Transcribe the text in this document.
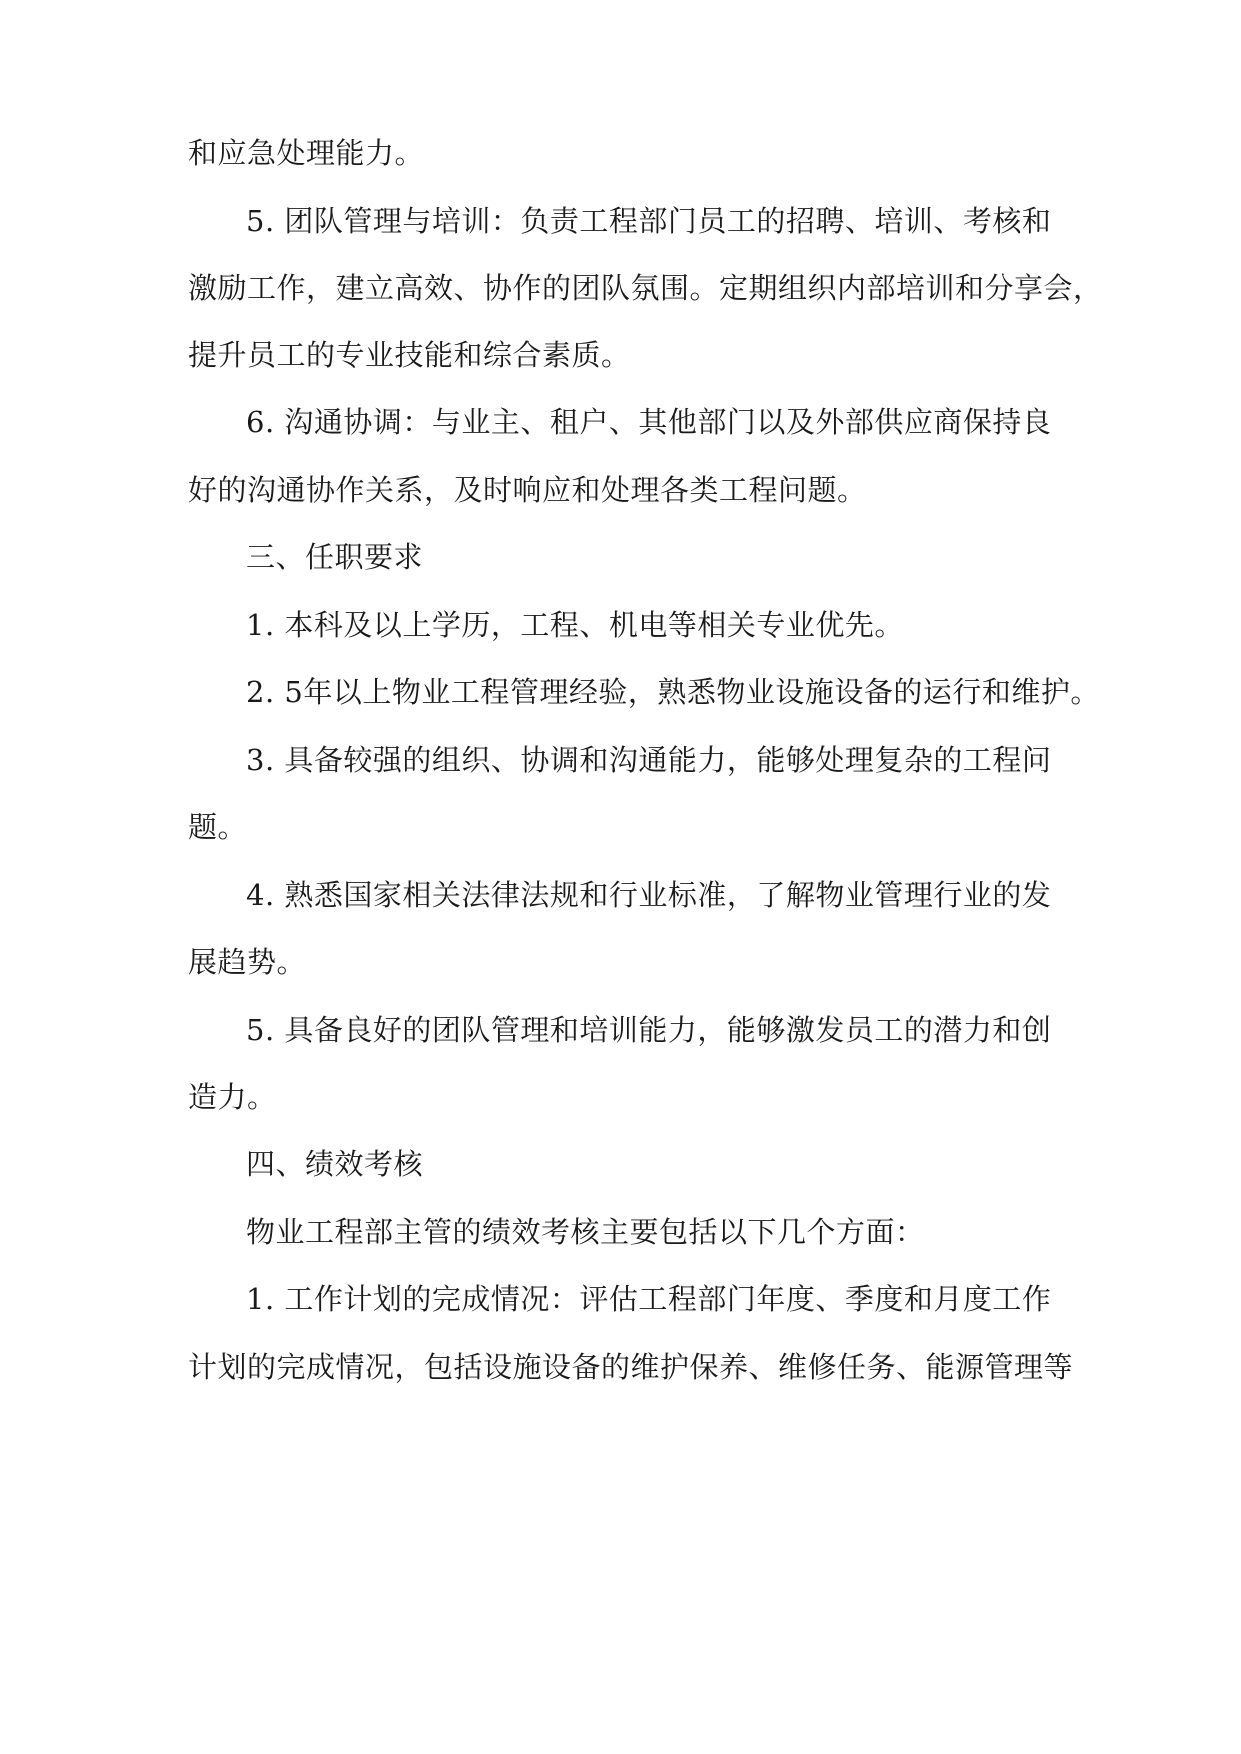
和应急处理能力。
5. 团队管理与培训：负责工程部门员工的招聘、培训、考核和
激励工作，建立高效、协作的团队氛围。定期组织内部培训和分享会，
提升员工的专业技能和综合素质。
6. 沟通协调：与业主、租户、其他部门以及外部供应商保持良
好的沟通协作关系，及时响应和处理各类工程问题。
三、任职要求
1. 本科及以上学历，工程、机电等相关专业优先。
2. 5年以上物业工程管理经验，熟悉物业设施设备的运行和维护。
3. 具备较强的组织、协调和沟通能力，能够处理复杂的工程问
题。
4. 熟悉国家相关法律法规和行业标准，了解物业管理行业的发
展趋势。
5. 具备良好的团队管理和培训能力，能够激发员工的潜力和创
造力。
四、绩效考核
物业工程部主管的绩效考核主要包括以下几个方面：
1. 工作计划的完成情况：评估工程部门年度、季度和月度工作
计划的完成情况，包括设施设备的维护保养、维修任务、能源管理等
